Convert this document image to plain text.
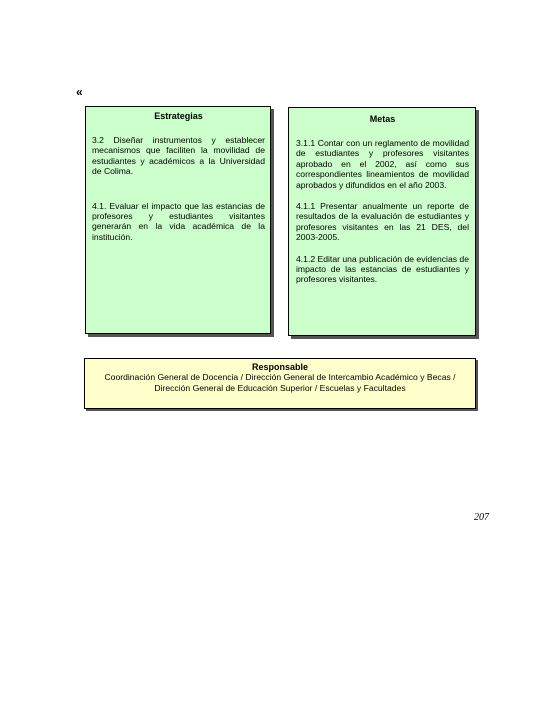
«
Estrategias

3.2 Diseñar instrumentos y establecer mecanismos que faciliten la movilidad de estudiantes y académicos a la Universidad de Colima.

4.1. Evaluar el impacto que las estancias de profesores y estudiantes visitantes generarán en la vida académica de la institución.

Metas

3.1.1 Contar con un reglamento de movilidad de estudiantes y profesores visitantes aprobado en el 2002, así como sus correspondientes lineamientos de movilidad aprobados y difundidos en el año 2003.

4.1.1 Presentar anualmente un reporte de resultados de la evaluación de estudiantes y profesores visitantes en las 21 DES, del 2003-2005.

4.1.2 Editar una publicación de evidencias de impacto de las estancias de estudiantes y profesores visitantes.

Responsable
Coordinación General de Docencia / Dirección General de Intercambio Académico y Becas /
Dirección General de Educación Superior / Escuelas y Facultades
207
